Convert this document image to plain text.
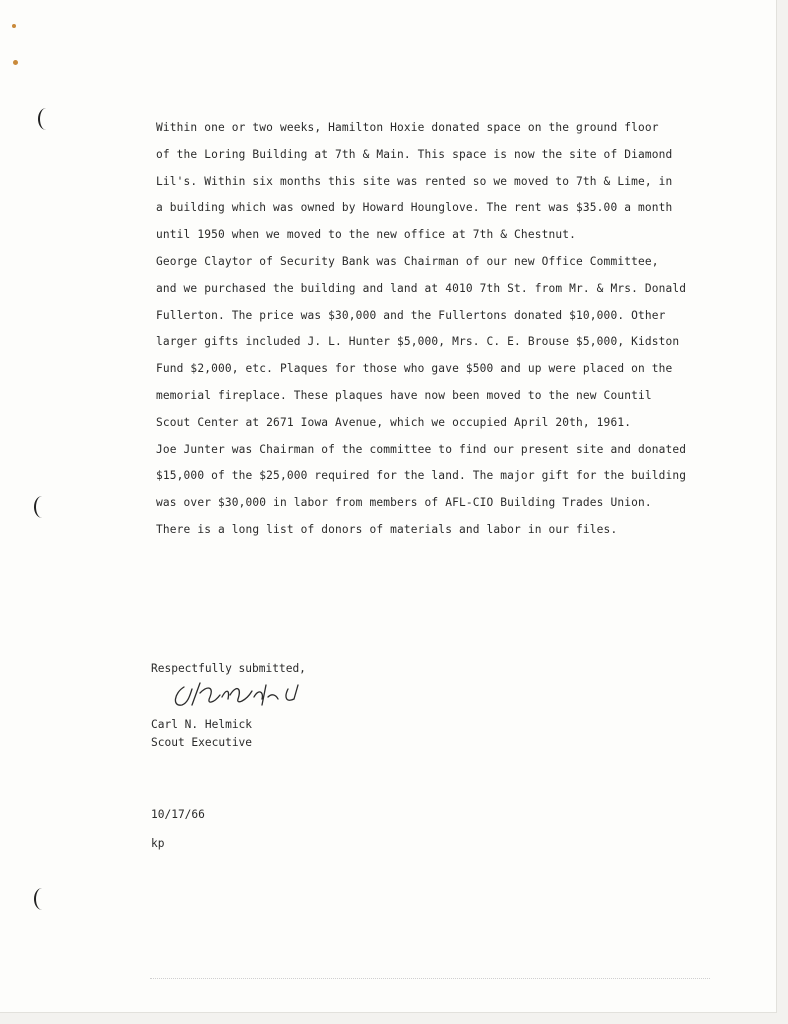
Within one or two weeks, Hamilton Hoxie donated space on the ground floor
of the Loring Building at 7th & Main. This space is now the site of Diamond
Lil's. Within six months this site was rented so we moved to 7th & Lime, in
a building which was owned by Howard Hounglove. The rent was $35.00 a month
until 1950 when we moved to the new office at 7th & Chestnut.
George Claytor of Security Bank was Chairman of our new Office Committee,
and we purchased the building and land at 4010 7th St. from Mr. & Mrs. Donald
Fullerton. The price was $30,000 and the Fullertons donated $10,000. Other
larger gifts included J. L. Hunter $5,000, Mrs. C. E. Brouse $5,000, Kidston
Fund $2,000, etc. Plaques for those who gave $500 and up were placed on the
memorial fireplace. These plaques have now been moved to the new Countil
Scout Center at 2671 Iowa Avenue, which we occupied April 20th, 1961.
Joe Junter was Chairman of the committee to find our present site and donated
$15,000 of the $25,000 required for the land. The major gift for the building
was over $30,000 in labor from members of AFL-CIO Building Trades Union.
There is a long list of donors of materials and labor in our files.
Respectfully submitted,
Carl N. Helmick
Scout Executive
10/17/66
kp
